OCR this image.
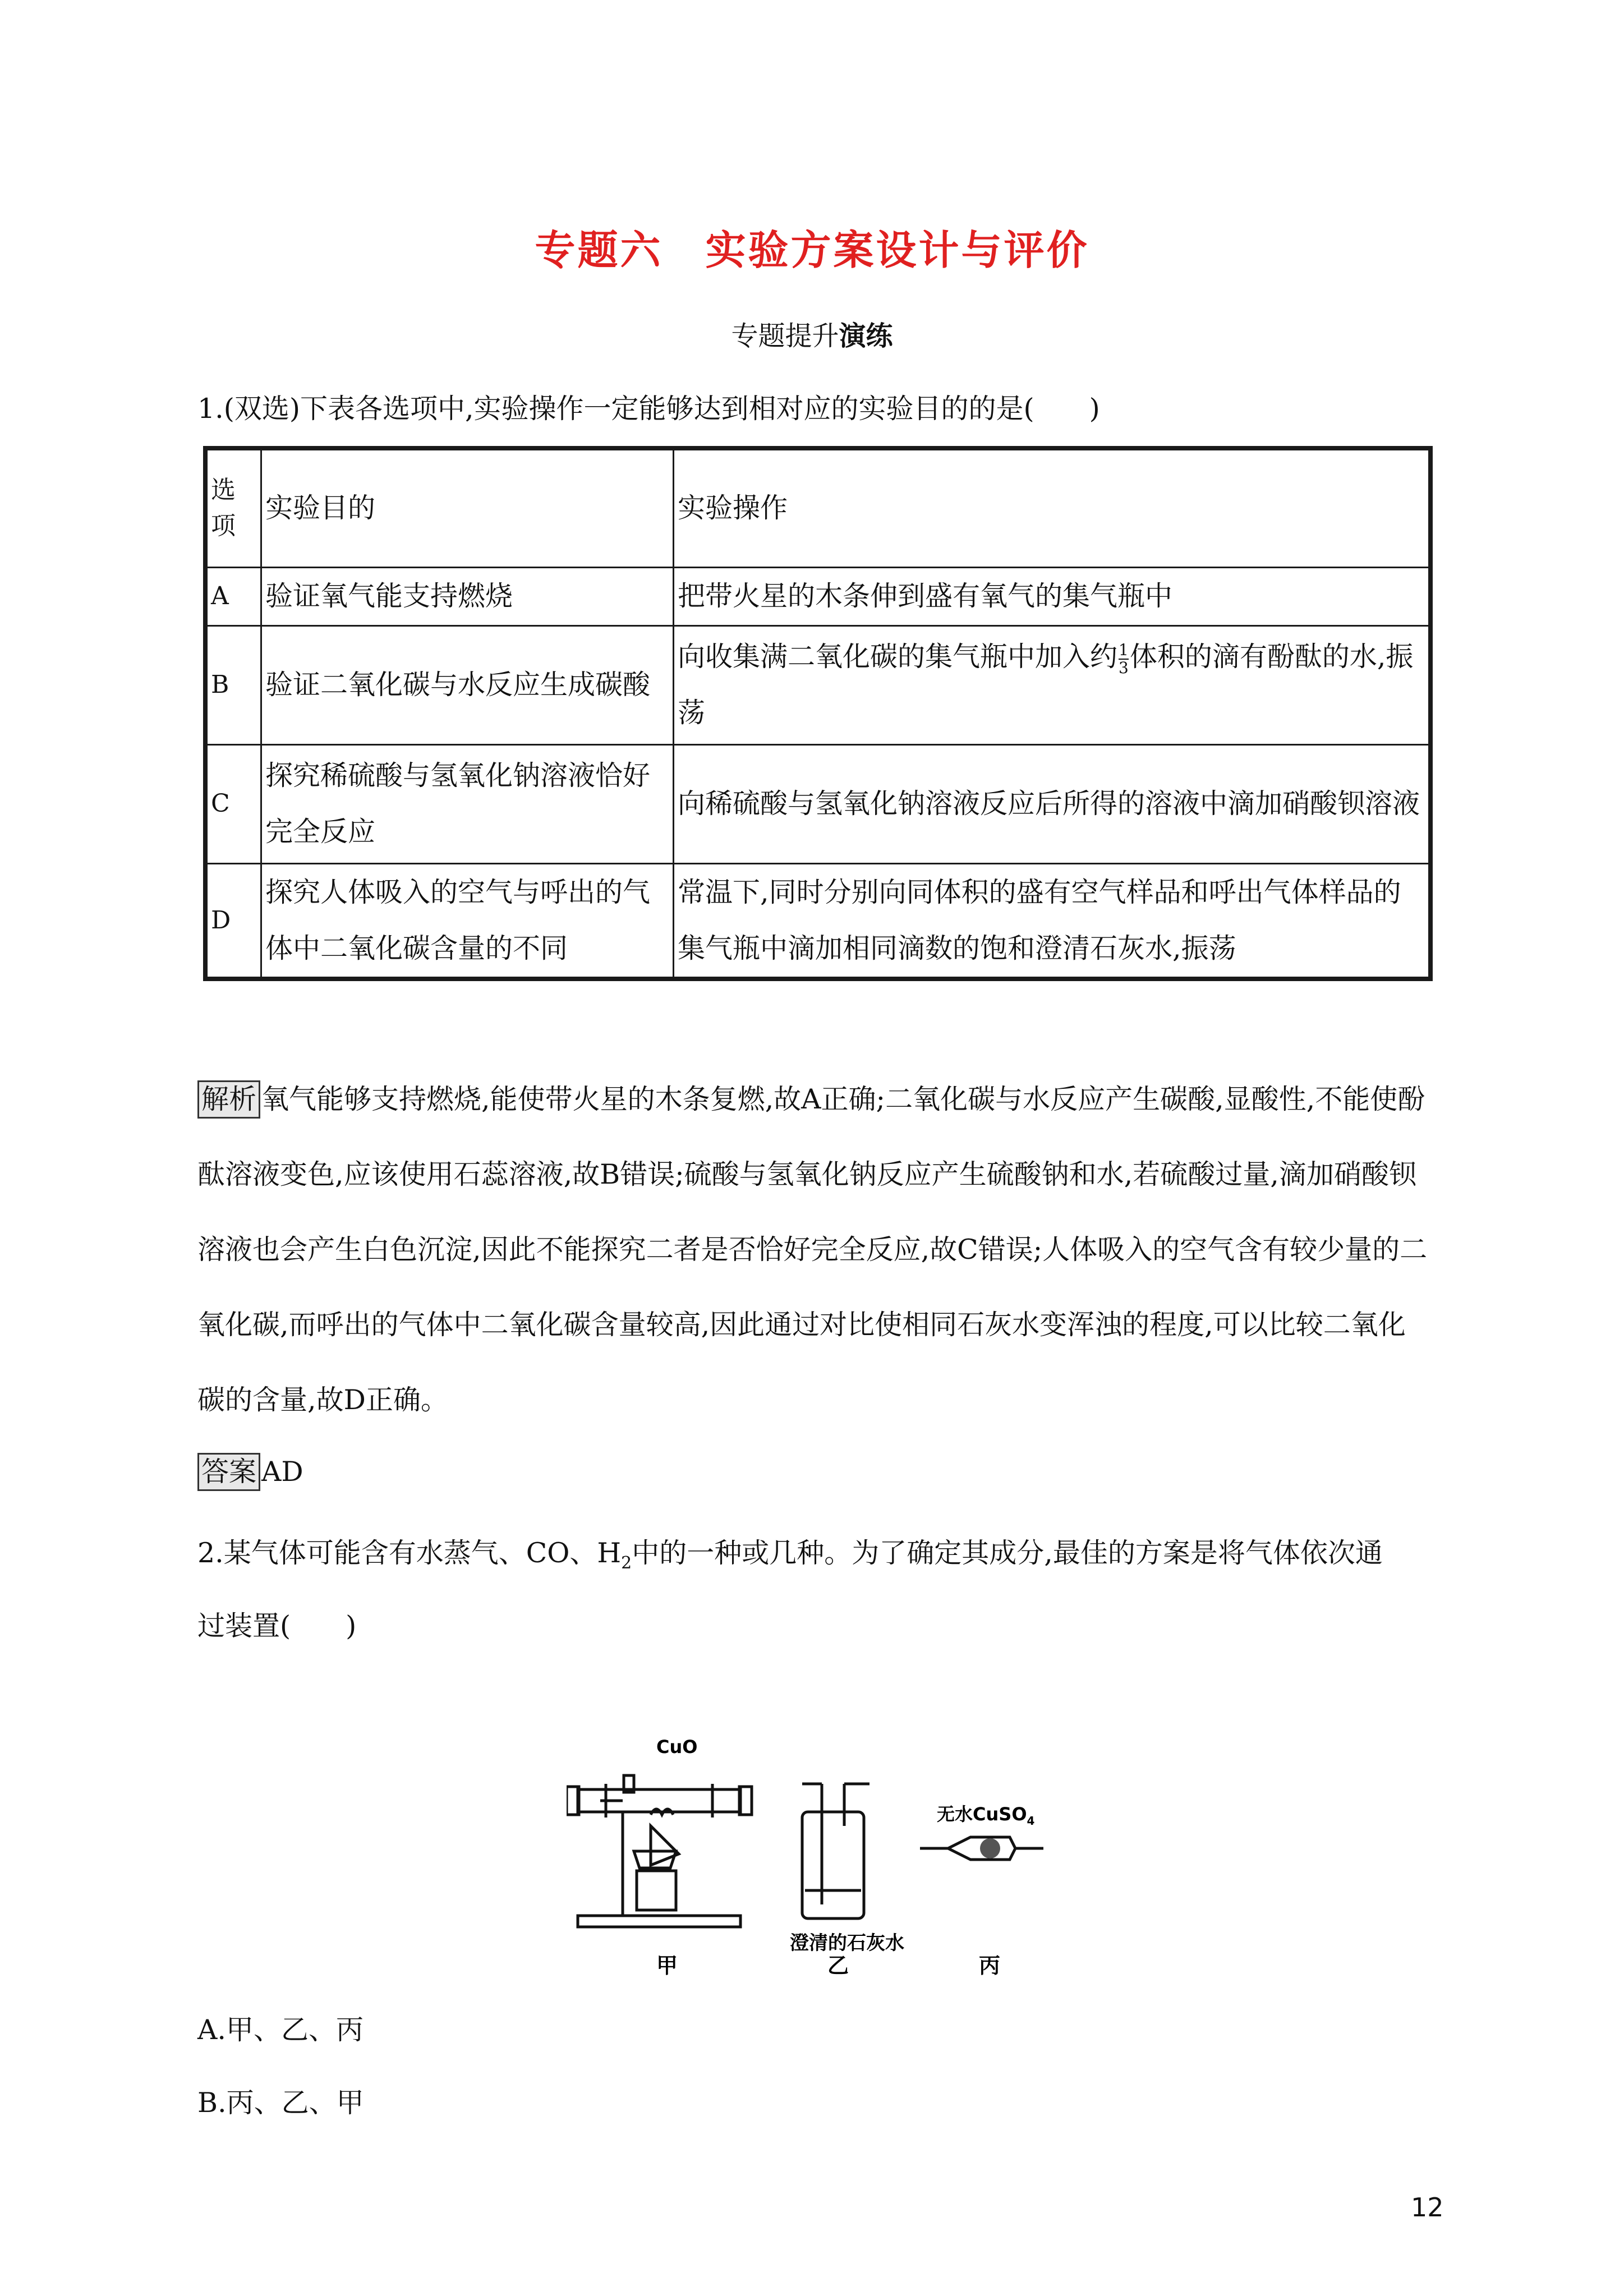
专题六　实验方案设计与评价
专题提升演练
1.(双选)下表各选项中,实验操作一定能够达到相对应的实验目的的是(　　)
选项	实验目的	实验操作
A	验证氧气能支持燃烧	把带火星的木条伸到盛有氧气的集气瓶中
B	验证二氧化碳与水反应生成碳酸	向收集满二氧化碳的集气瓶中加入约 $\frac{1}{3}$ 体积的滴有酚酞的水,振荡
C	探究稀硫酸与氢氧化钠溶液恰好完全反应	向稀硫酸与氢氧化钠溶液反应后所得的溶液中滴加硝酸钡溶液
D	探究人体吸入的空气与呼出的气体中二氧化碳含量的不同	常温下,同时分别向同体积的盛有空气样品和呼出气体样品的集气瓶中滴加相同滴数的饱和澄清石灰水,振荡
解析 氧气能够支持燃烧,能使带火星的木条复燃,故A正确;二氧化碳与水反应产生碳酸,显酸性,不能使酚酞溶液变色,应该使用石蕊溶液,故B错误;硫酸与氢氧化钠反应产生硫酸钠和水,若硫酸过量,滴加硝酸钡溶液也会产生白色沉淀,因此不能探究二者是否恰好完全反应,故C错误;人体吸入的空气含有较少量的二氧化碳,而呼出的气体中二氧化碳含量较高,因此通过对比使相同石灰水变浑浊的程度,可以比较二氧化碳的含量,故D正确。
答案 AD
2.某气体可能含有水蒸气、CO、$H_2$中的一种或几种。为了确定其成分,最佳的方案是将气体依次通
过装置(　　)
CuO
澄清的石灰水
无水CuSO$_4$
甲	乙	丙
A.甲、乙、丙
B.丙、乙、甲
12
